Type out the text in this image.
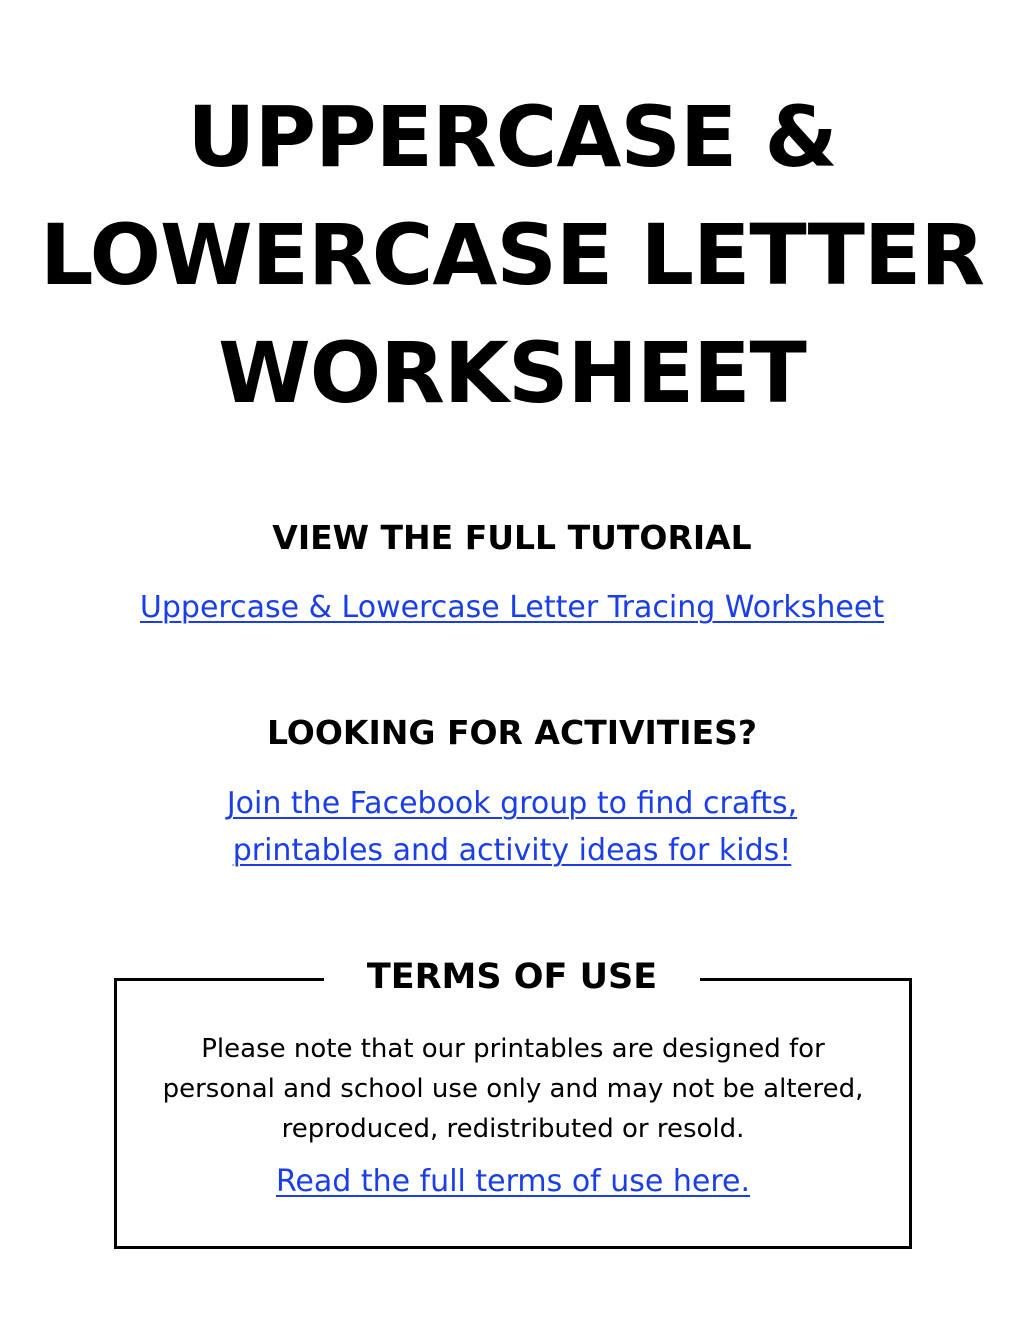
UPPERCASE &
LOWERCASE LETTER
WORKSHEET
VIEW THE FULL TUTORIAL
Uppercase & Lowercase Letter Tracing Worksheet
LOOKING FOR ACTIVITIES?
Join the Facebook group to find crafts,
printables and activity ideas for kids!
TERMS OF USE
Please note that our printables are designed for
personal and school use only and may not be altered,
reproduced, redistributed or resold.
Read the full terms of use here.
